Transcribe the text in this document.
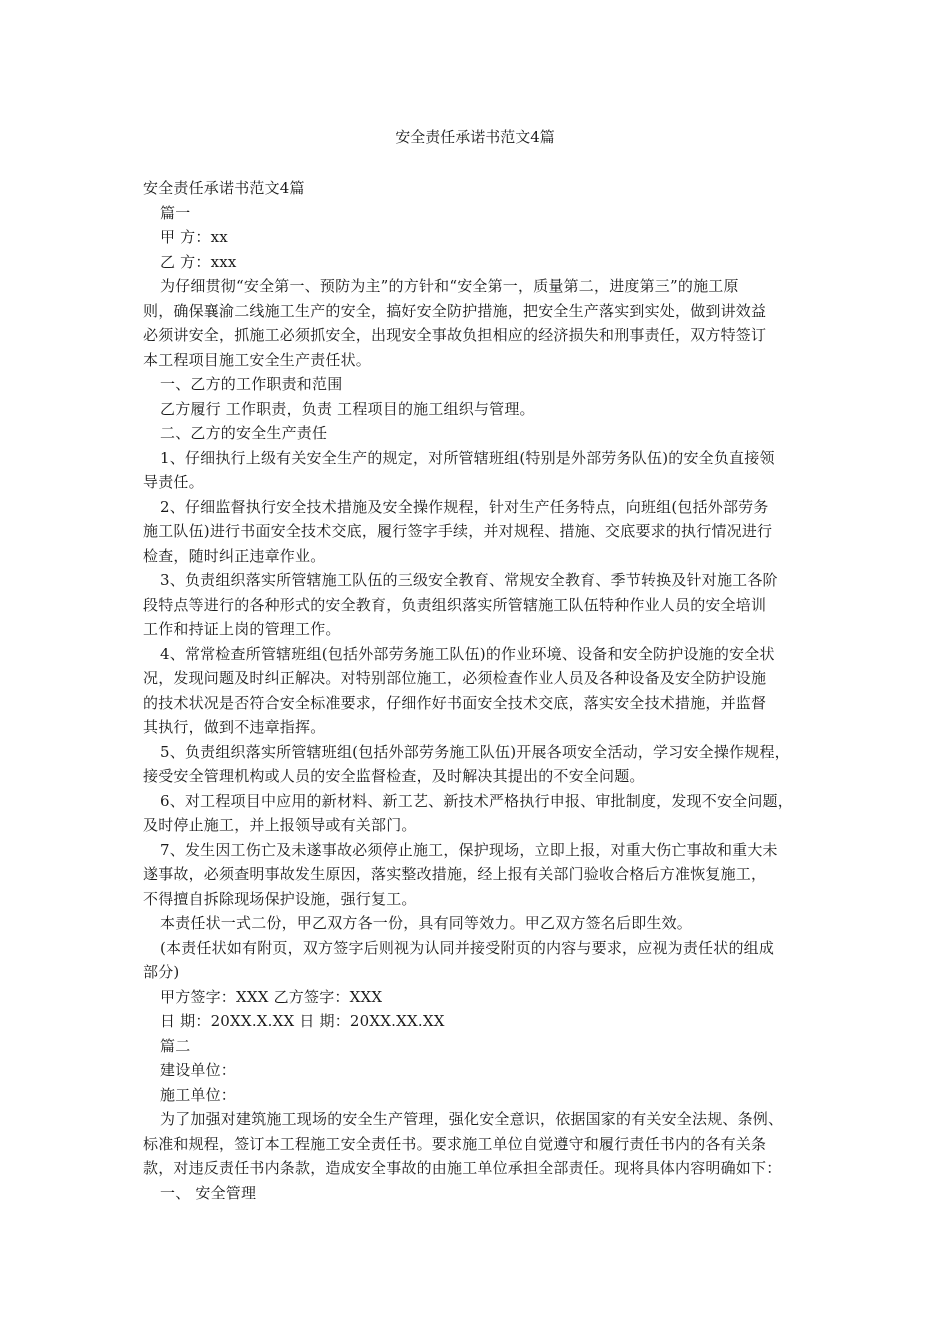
安全责任承诺书范文4篇
安全责任承诺书范文4篇
篇一
甲 方：xx
乙 方：xxx
为仔细贯彻“安全第一、预防为主”的方针和“安全第一，质量第二，进度第三”的施工原
则，确保襄渝二线施工生产的安全，搞好安全防护措施，把安全生产落实到实处，做到讲效益
必须讲安全，抓施工必须抓安全，出现安全事故负担相应的经济损失和刑事责任，双方特签订
本工程项目施工安全生产责任状。
一、乙方的工作职责和范围
乙方履行 工作职责，负责 工程项目的施工组织与管理。
二、乙方的安全生产责任
1、仔细执行上级有关安全生产的规定，对所管辖班组(特别是外部劳务队伍)的安全负直接领
导责任。
2、仔细监督执行安全技术措施及安全操作规程，针对生产任务特点，向班组(包括外部劳务
施工队伍)进行书面安全技术交底，履行签字手续，并对规程、措施、交底要求的执行情况进行
检查，随时纠正违章作业。
3、负责组织落实所管辖施工队伍的三级安全教育、常规安全教育、季节转换及针对施工各阶
段特点等进行的各种形式的安全教育，负责组织落实所管辖施工队伍特种作业人员的安全培训
工作和持证上岗的管理工作。
4、常常检查所管辖班组(包括外部劳务施工队伍)的作业环境、设备和安全防护设施的安全状
况，发现问题及时纠正解决。对特别部位施工，必须检查作业人员及各种设备及安全防护设施
的技术状况是否符合安全标准要求，仔细作好书面安全技术交底，落实安全技术措施，并监督
其执行，做到不违章指挥。
5、负责组织落实所管辖班组(包括外部劳务施工队伍)开展各项安全活动，学习安全操作规程，
接受安全管理机构或人员的安全监督检查，及时解决其提出的不安全问题。
6、对工程项目中应用的新材料、新工艺、新技术严格执行申报、审批制度，发现不安全问题，
及时停止施工，并上报领导或有关部门。
7、发生因工伤亡及未遂事故必须停止施工，保护现场，立即上报，对重大伤亡事故和重大未
遂事故，必须查明事故发生原因，落实整改措施，经上报有关部门验收合格后方准恢复施工，
不得擅自拆除现场保护设施，强行复工。
本责任状一式二份，甲乙双方各一份，具有同等效力。甲乙双方签名后即生效。
(本责任状如有附页，双方签字后则视为认同并接受附页的内容与要求，应视为责任状的组成
部分)
甲方签字：XXX 乙方签字：XXX
日 期：20XX.X.XX 日 期：20XX.XX.XX
篇二
建设单位：
施工单位：
为了加强对建筑施工现场的安全生产管理，强化安全意识，依据国家的有关安全法规、条例、
标准和规程，签订本工程施工安全责任书。要求施工单位自觉遵守和履行责任书内的各有关条
款，对违反责任书内条款，造成安全事故的由施工单位承担全部责任。现将具体内容明确如下：
一、 安全管理
